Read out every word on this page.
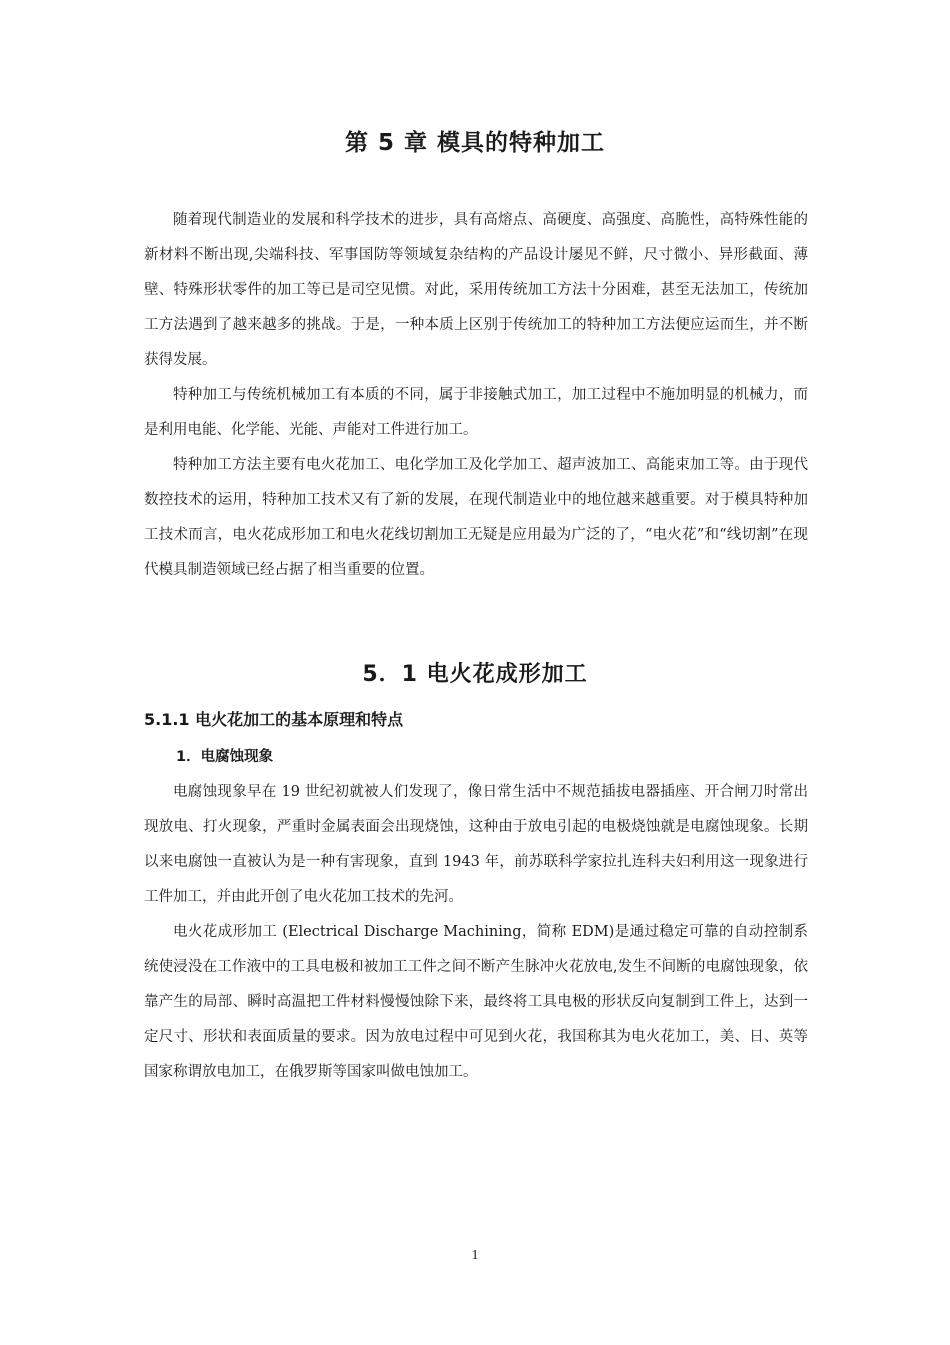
第 5 章 模具的特种加工

随着现代制造业的发展和科学技术的进步，具有高熔点、高硬度、高强度、高脆性，高特殊性能的新材料不断出现,尖端科技、军事国防等领域复杂结构的产品设计屡见不鲜，尺寸微小、异形截面、薄壁、特殊形状零件的加工等已是司空见惯。对此，采用传统加工方法十分困难，甚至无法加工，传统加工方法遇到了越来越多的挑战。于是，一种本质上区别于传统加工的特种加工方法便应运而生，并不断获得发展。

特种加工与传统机械加工有本质的不同，属于非接触式加工，加工过程中不施加明显的机械力，而是利用电能、化学能、光能、声能对工件进行加工。

特种加工方法主要有电火花加工、电化学加工及化学加工、超声波加工、高能束加工等。由于现代数控技术的运用，特种加工技术又有了新的发展，在现代制造业中的地位越来越重要。对于模具特种加工技术而言，电火花成形加工和电火花线切割加工无疑是应用最为广泛的了，“电火花”和“线切割”在现代模具制造领域已经占据了相当重要的位置。

5．1 电火花成形加工
5.1.1 电火花加工的基本原理和特点
1．电腐蚀现象

电腐蚀现象早在 19 世纪初就被人们发现了，像日常生活中不规范插拔电器插座、开合闸刀时常出现放电、打火现象，严重时金属表面会出现烧蚀，这种由于放电引起的电极烧蚀就是电腐蚀现象。长期以来电腐蚀一直被认为是一种有害现象，直到 1943 年，前苏联科学家拉扎连科夫妇利用这一现象进行工件加工，并由此开创了电火花加工技术的先河。

电火花成形加工 (Electrical Discharge Machining，简称 EDM)是通过稳定可靠的自动控制系统使浸没在工作液中的工具电极和被加工工件之间不断产生脉冲火花放电,发生不间断的电腐蚀现象，依靠产生的局部、瞬时高温把工件材料慢慢蚀除下来，最终将工具电极的形状反向复制到工件上，达到一定尺寸、形状和表面质量的要求。因为放电过程中可见到火花，我国称其为电火花加工，美、日、英等国家称谓放电加工，在俄罗斯等国家叫做电蚀加工。

1
